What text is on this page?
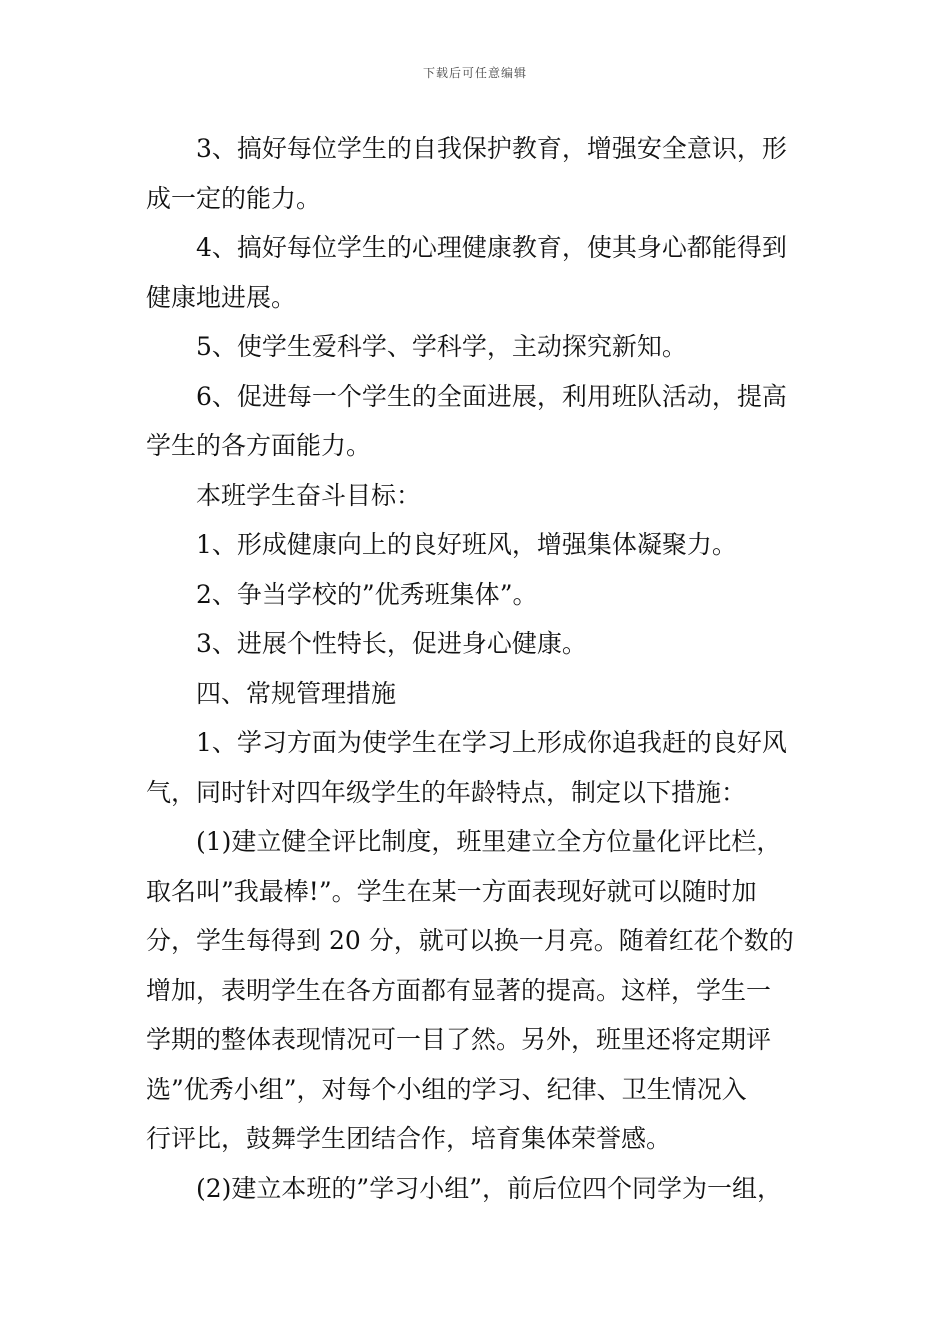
下载后可任意编辑
3、搞好每位学生的自我保护教育，增强安全意识，形
成一定的能力。
4、搞好每位学生的心理健康教育，使其身心都能得到
健康地进展。
5、使学生爱科学、学科学，主动探究新知。
6、促进每一个学生的全面进展，利用班队活动，提高
学生的各方面能力。
本班学生奋斗目标：
1、形成健康向上的良好班风，增强集体凝聚力。
2、争当学校的”优秀班集体”。
3、进展个性特长，促进身心健康。
四、常规管理措施
1、学习方面为使学生在学习上形成你追我赶的良好风
气，同时针对四年级学生的年龄特点，制定以下措施：
(1)建立健全评比制度，班里建立全方位量化评比栏，
取名叫”我最棒!”。学生在某一方面表现好就可以随时加
分，学生每得到 20 分，就可以换一月亮。随着红花个数的
增加，表明学生在各方面都有显著的提高。这样，学生一
学期的整体表现情况可一目了然。另外，班里还将定期评
选”优秀小组”，对每个小组的学习、纪律、卫生情况入
行评比，鼓舞学生团结合作，培育集体荣誉感。
(2)建立本班的”学习小组”，前后位四个同学为一组，
